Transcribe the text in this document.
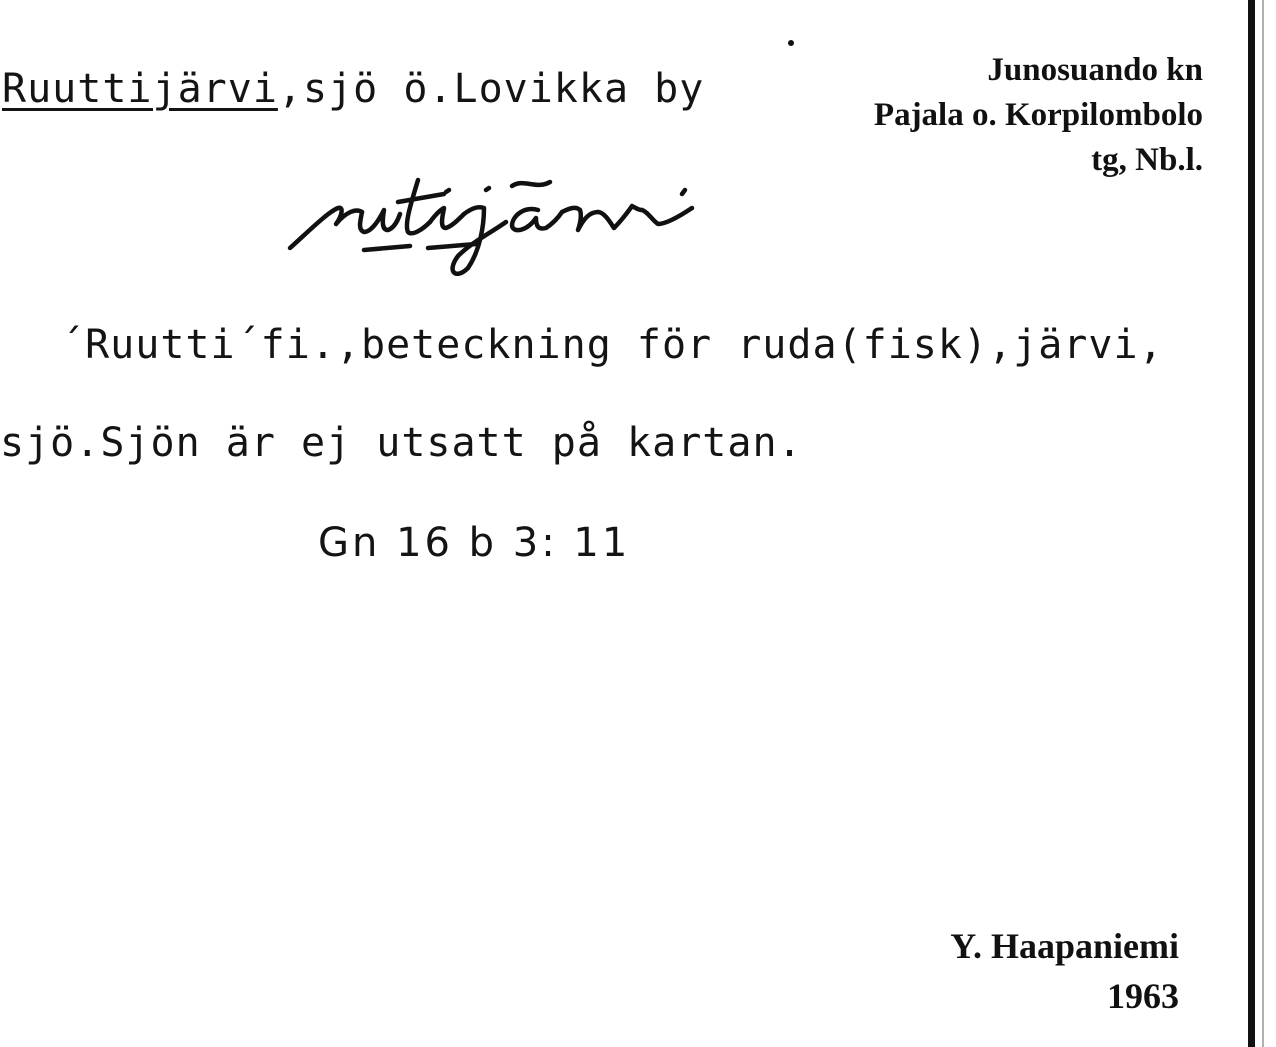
Ruuttijärvi,sjö ö.Lovikka by	Junosuando kn
Pajala o. Korpilombolo
tg, Nb.l.
´Ruutti´fi.,beteckning för ruda(fisk),järvi,
sjö.Sjön är ej utsatt på kartan.
Gn 16 b 3: 11
Y. Haapaniemi
1963
